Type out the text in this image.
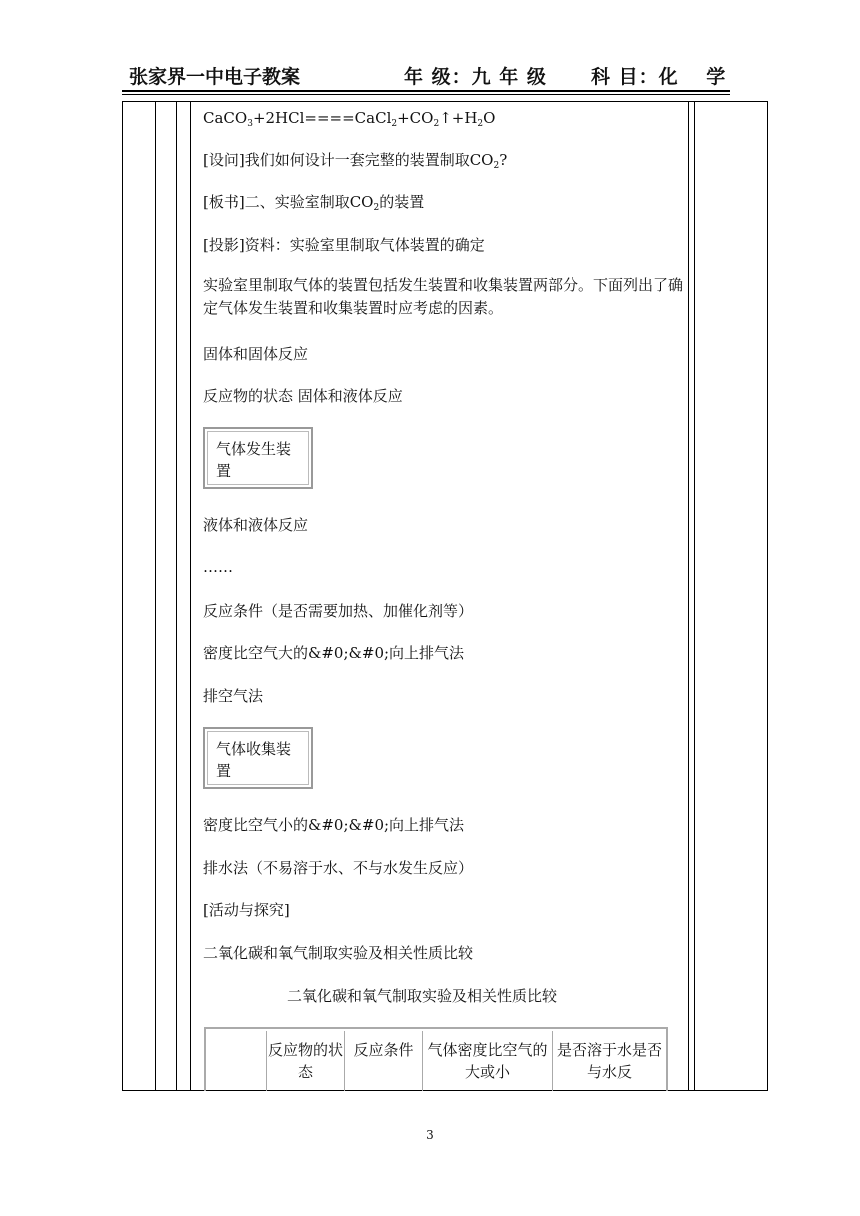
张家界一中电子教案	年 级：九 年 级 科 目：化　 学
$CaCO_3+2HCl====CaCl_2+CO_2↑+H_2O$
[设问]我们如何设计一套完整的装置制取$CO_2$?
[板书]二、实验室制取$CO_2$的装置
[投影]资料：实验室里制取气体装置的确定
实验室里制取气体的装置包括发生装置和收集装置两部分。下面列出了确定气体发生装置和收集装置时应考虑的因素。
固体和固体反应
反应物的状态 固体和液体反应
气体发生装置
液体和液体反应
……
反应条件（是否需要加热、加催化剂等）
密度比空气大的&#0;&#0;向上排气法
排空气法
气体收集装置
密度比空气小的&#0;&#0;向上排气法
排水法（不易溶于水、不与水发生反应）
[活动与探究]
二氧化碳和氧气制取实验及相关性质比较
二氧化碳和氧气制取实验及相关性质比较
反应物的状态
反应条件 气体密度比空气的大或小
是否溶于水是否与水反
3
